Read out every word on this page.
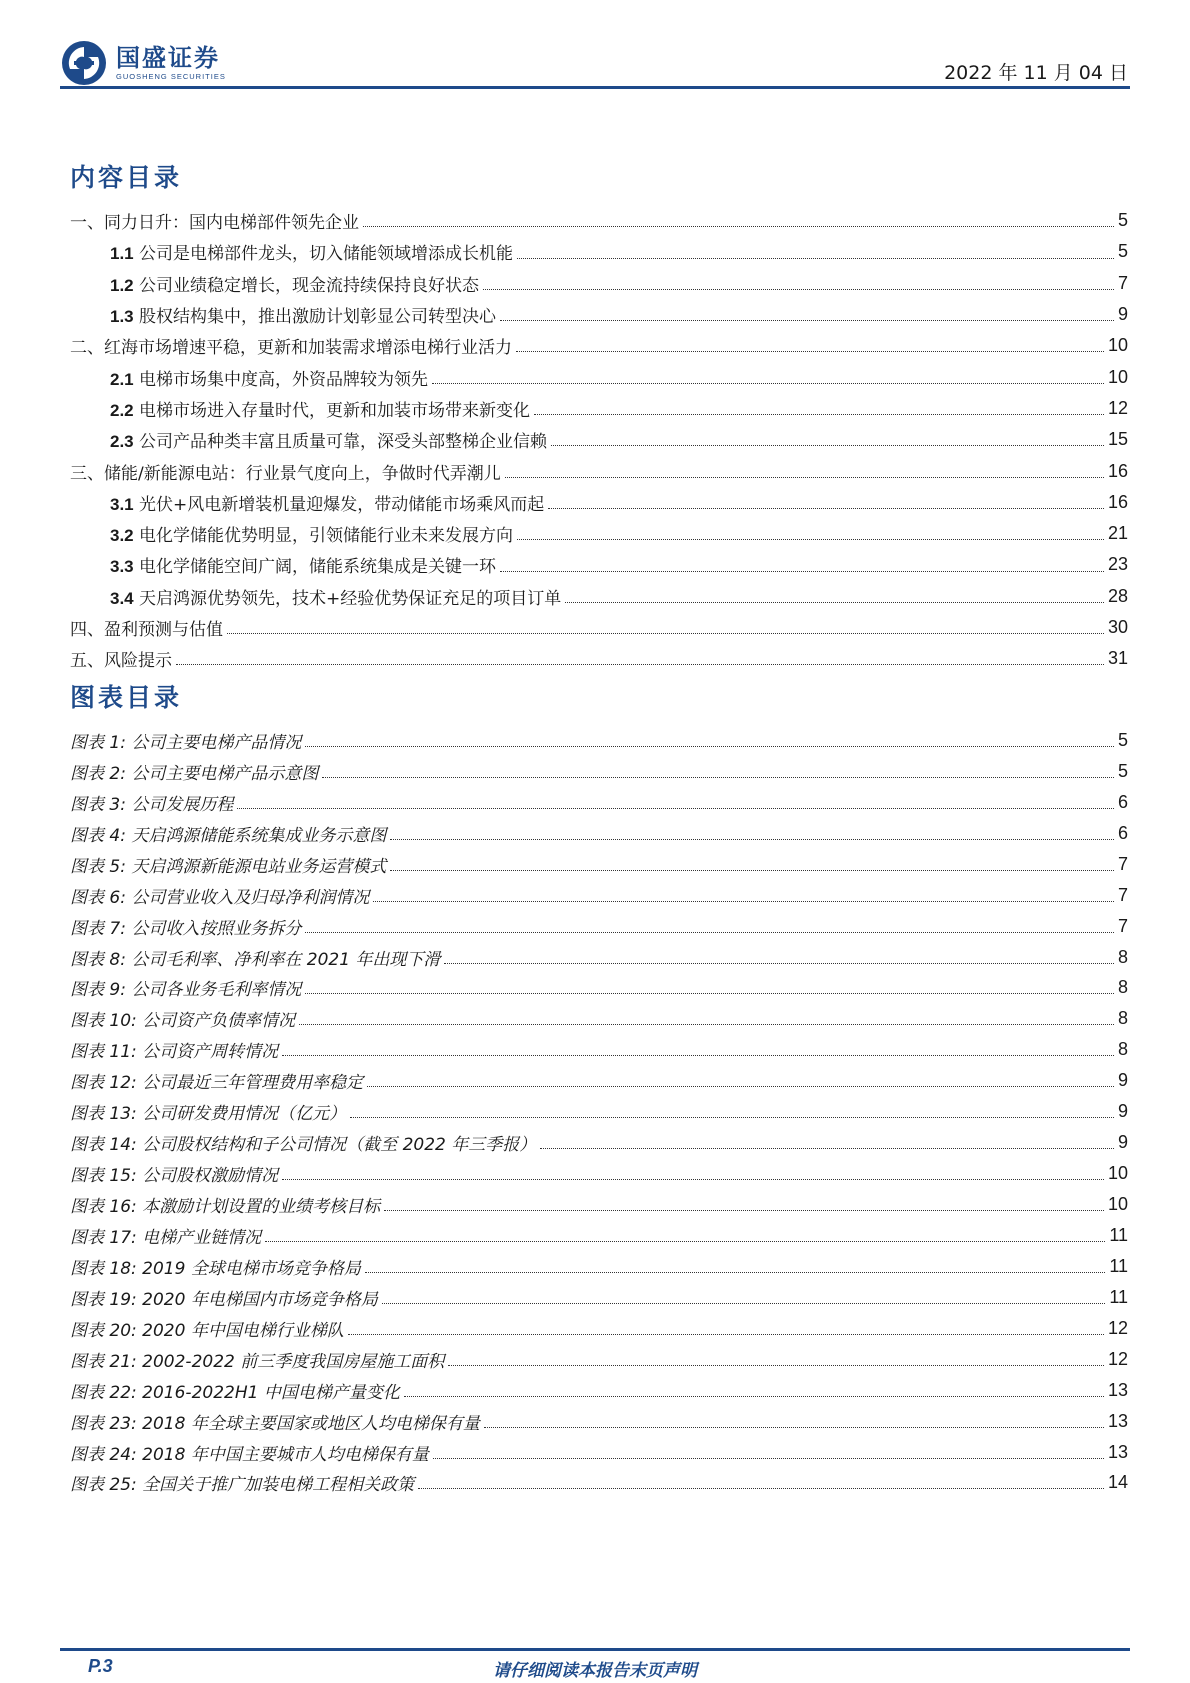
国盛证券
GUOSHENG SECURITIES	2022 年 11 月 04 日
内容目录
一、同力日升：国内电梯部件领先企业	5
1.1 公司是电梯部件龙头，切入储能领域增添成长机能	5
1.2 公司业绩稳定增长，现金流持续保持良好状态	7
1.3 股权结构集中，推出激励计划彰显公司转型决心	9
二、红海市场增速平稳，更新和加装需求增添电梯行业活力	10
2.1 电梯市场集中度高，外资品牌较为领先	10
2.2 电梯市场进入存量时代，更新和加装市场带来新变化	12
2.3 公司产品种类丰富且质量可靠，深受头部整梯企业信赖	15
三、储能/新能源电站：行业景气度向上，争做时代弄潮儿	16
3.1 光伏+风电新增装机量迎爆发，带动储能市场乘风而起	16
3.2 电化学储能优势明显，引领储能行业未来发展方向	21
3.3 电化学储能空间广阔，储能系统集成是关键一环	23
3.4 天启鸿源优势领先，技术+经验优势保证充足的项目订单	28
四、盈利预测与估值	30
五、风险提示	31
图表目录
图表 1: 公司主要电梯产品情况	5
图表 2: 公司主要电梯产品示意图	5
图表 3: 公司发展历程	6
图表 4: 天启鸿源储能系统集成业务示意图	6
图表 5: 天启鸿源新能源电站业务运营模式	7
图表 6: 公司营业收入及归母净利润情况	7
图表 7: 公司收入按照业务拆分	7
图表 8: 公司毛利率、净利率在 2021 年出现下滑	8
图表 9: 公司各业务毛利率情况	8
图表 10: 公司资产负债率情况	8
图表 11: 公司资产周转情况	8
图表 12: 公司最近三年管理费用率稳定	9
图表 13: 公司研发费用情况（亿元）	9
图表 14: 公司股权结构和子公司情况（截至 2022 年三季报）	9
图表 15: 公司股权激励情况	10
图表 16: 本激励计划设置的业绩考核目标	10
图表 17: 电梯产业链情况	11
图表 18: 2019 全球电梯市场竞争格局	11
图表 19: 2020 年电梯国内市场竞争格局	11
图表 20: 2020 年中国电梯行业梯队	12
图表 21: 2002-2022 前三季度我国房屋施工面积	12
图表 22: 2016-2022H1 中国电梯产量变化	13
图表 23: 2018 年全球主要国家或地区人均电梯保有量	13
图表 24: 2018 年中国主要城市人均电梯保有量	13
图表 25: 全国关于推广加装电梯工程相关政策	14
P.3	请仔细阅读本报告末页声明
